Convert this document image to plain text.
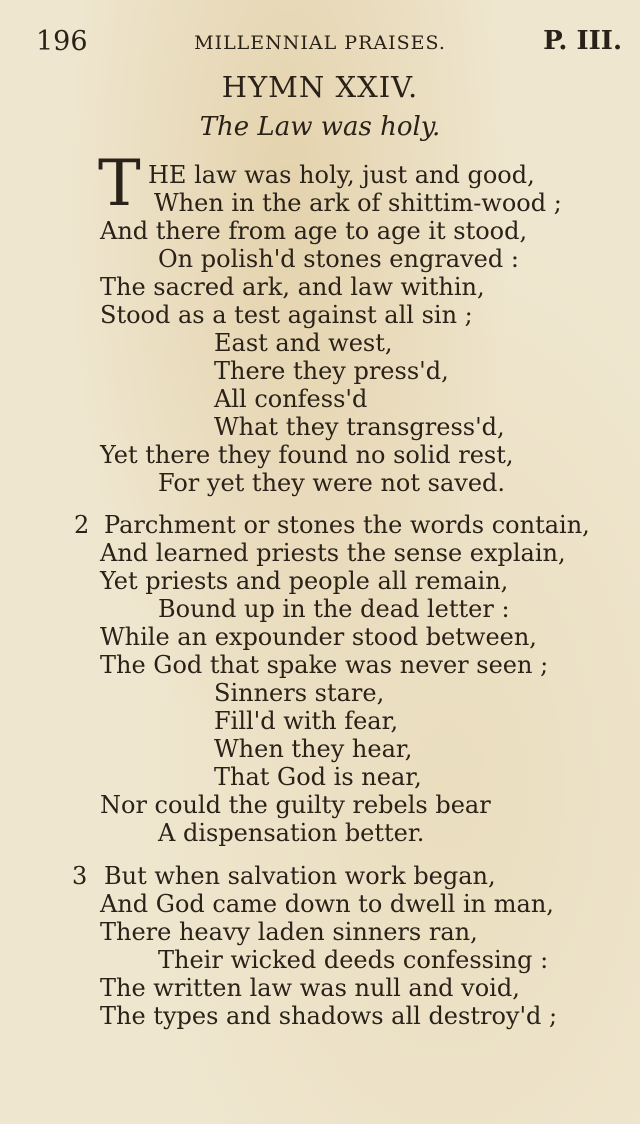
196	MILLENNIAL PRAISES.	P. III.
HYMN XXIV.
The Law was holy.
T HE law was holy, just and good,
When in the ark of shittim-wood ;
And there from age to age it stood,
On polish'd stones engraved :
The sacred ark, and law within,
Stood as a test against all sin ;
East and west,
There they press'd,
All confess'd
What they transgress'd,
Yet there they found no solid rest,
For yet they were not saved.
2 Parchment or stones the words contain,
And learned priests the sense explain,
Yet priests and people all remain,
Bound up in the dead letter :
While an expounder stood between,
The God that spake was never seen ;
Sinners stare,
Fill'd with fear,
When they hear,
That God is near,
Nor could the guilty rebels bear
A dispensation better.
3 But when salvation work began,
And God came down to dwell in man,
There heavy laden sinners ran,
Their wicked deeds confessing :
The written law was null and void,
The types and shadows all destroy'd ;
